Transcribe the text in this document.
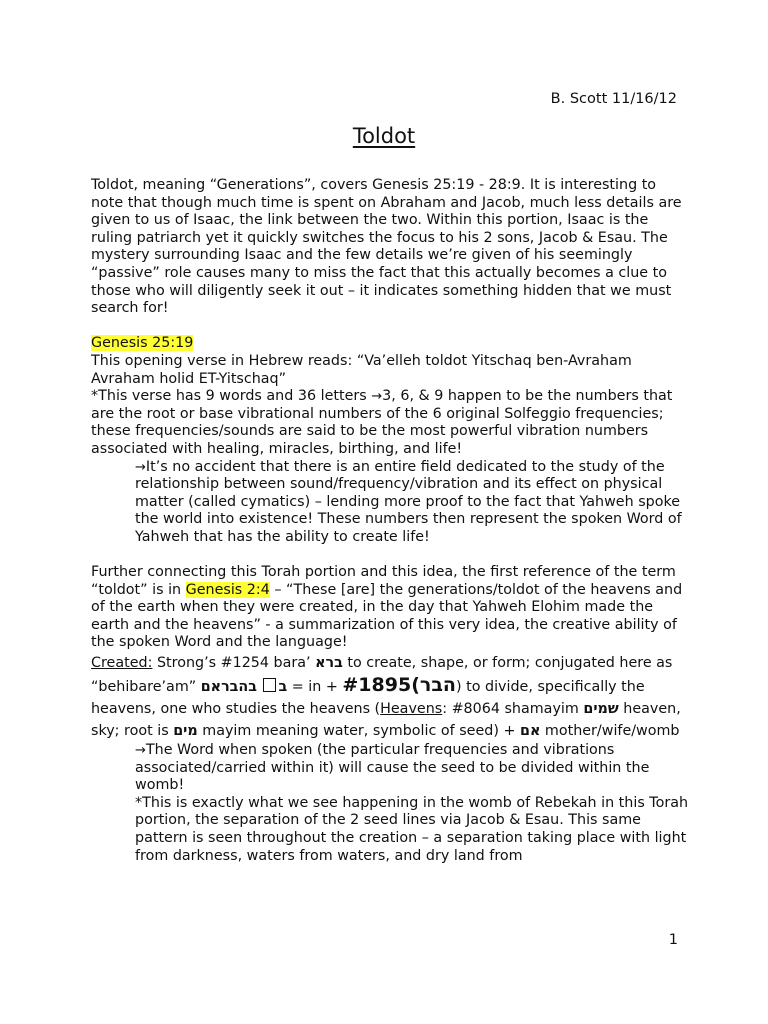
B. Scott 11/16/12
Toldot

Toldot, meaning “Generations”, covers Genesis 25:19 - 28:9. It is interesting to note that though much time is spent on Abraham and Jacob, much less details are given to us of Isaac, the link between the two. Within this portion, Isaac is the ruling patriarch yet it quickly switches the focus to his 2 sons, Jacob & Esau. The mystery surrounding Isaac and the few details we’re given of his seemingly “passive” role causes many to miss the fact that this actually becomes a clue to those who will diligently seek it out – it indicates something hidden that we must search for!

Genesis 25:19

This opening verse in Hebrew reads: “Va’elleh toldot Yitschaq ben-Avraham Avraham holid ET-Yitschaq”

*This verse has 9 words and 36 letters →3, 6, & 9 happen to be the numbers that are the root or base vibrational numbers of the 6 original Solfeggio frequencies; these frequencies/sounds are said to be the most powerful vibration numbers associated with healing, miracles, birthing, and life!

→It’s no accident that there is an entire field dedicated to the study of the relationship between sound/frequency/vibration and its effect on physical matter (called cymatics) – lending more proof to the fact that Yahweh spoke the world into existence! These numbers then represent the spoken Word of Yahweh that has the ability to create life!

Further connecting this Torah portion and this idea, the first reference of the term “toldot” is in Genesis 2:4 – “These [are] the generations/toldot of the heavens and of the earth when they were created, in the day that Yahweh Elohim made the earth and the heavens” - a summarization of this very idea, the creative ability of the spoken Word and the language!

Created: Strong’s #1254 bara’ ברא to create, shape, or form; conjugated here as “behibare’am” בהבראם ב = in + #1895(הבר) to divide, specifically the heavens, one who studies the heavens (Heavens: #8064 shamayim שמים heaven, sky; root is מים mayim meaning water, symbolic of seed) + אם mother/wife/womb

→The Word when spoken (the particular frequencies and vibrations associated/carried within it) will cause the seed to be divided within the womb!

*This is exactly what we see happening in the womb of Rebekah in this Torah portion, the separation of the 2 seed lines via Jacob & Esau. This same pattern is seen throughout the creation – a separation taking place with light from darkness, waters from waters, and dry land from

1
